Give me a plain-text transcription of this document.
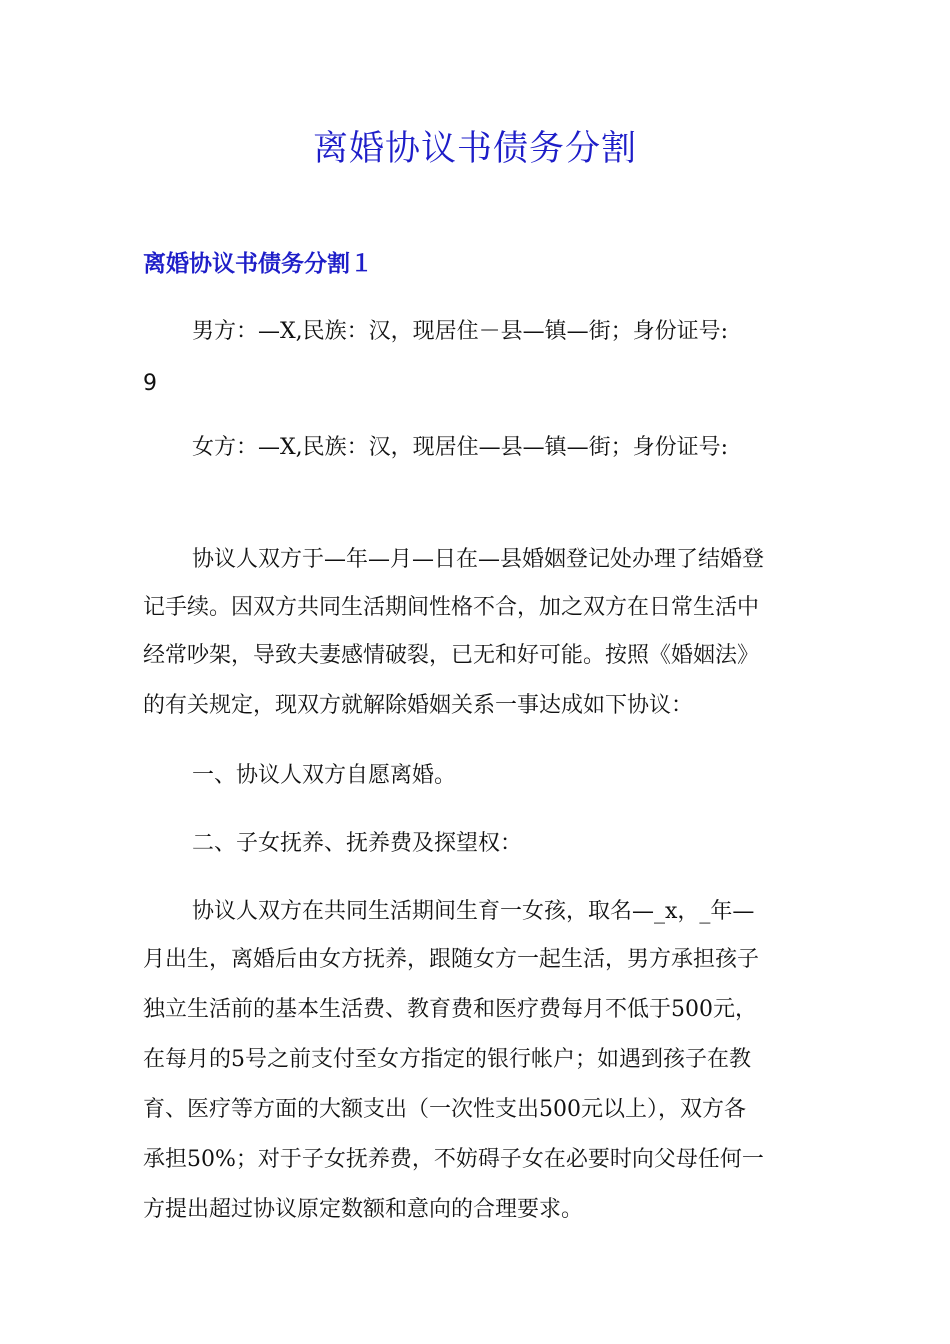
离婚协议书债务分割
离婚协议书债务分割１
男方：—X,民族：汉，现居住－县—镇—街；身份证号:
9
女方：—X,民族：汉，现居住—县—镇—街；身份证号:
协议人双方于—年—月—日在—县婚姻登记处办理了结婚登
记手续。因双方共同生活期间性格不合，加之双方在日常生活中
经常吵架，导致夫妻感情破裂，已无和好可能。按照《婚姻法》
的有关规定，现双方就解除婚姻关系一事达成如下协议：
一、协议人双方自愿离婚。
二、子女抚养、抚养费及探望权：
协议人双方在共同生活期间生育一女孩，取名—_x，_年—
月出生，离婚后由女方抚养，跟随女方一起生活，男方承担孩子
独立生活前的基本生活费、教育费和医疗费每月不低于500元，
在每月的5号之前支付至女方指定的银行帐户；如遇到孩子在教
育、医疗等方面的大额支出（一次性支出500元以上），双方各
承担50%；对于子女抚养费，不妨碍子女在必要时向父母任何一
方提出超过协议原定数额和意向的合理要求。
